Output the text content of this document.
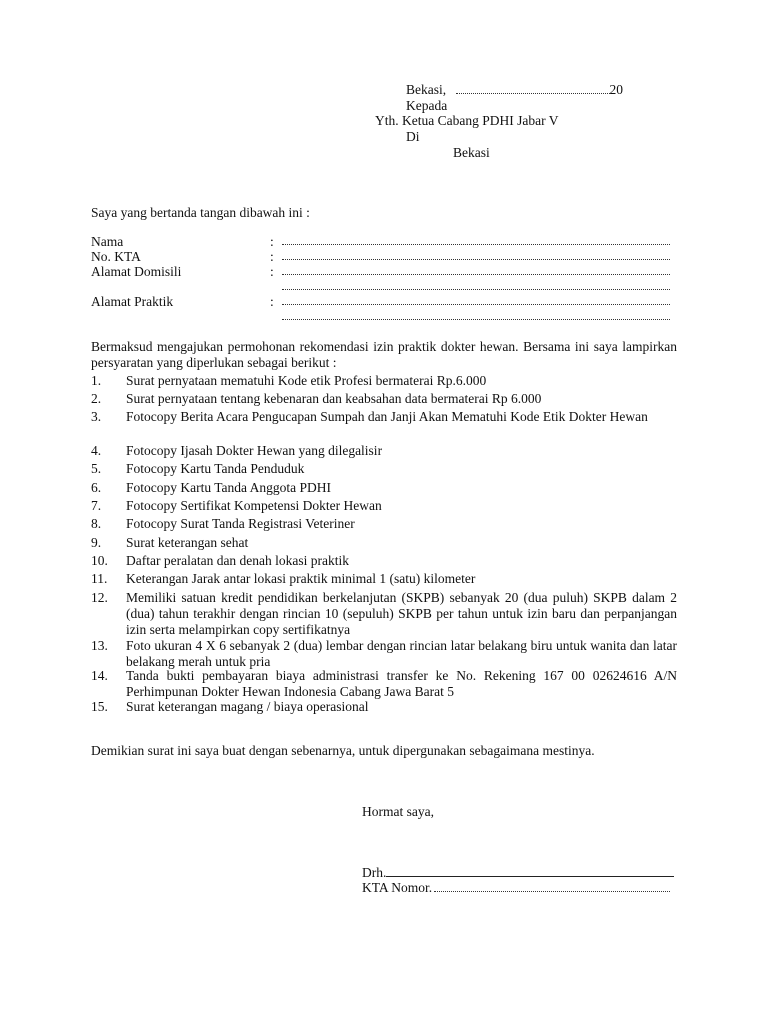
Bekasi,	20
Kepada
Yth. Ketua Cabang PDHI Jabar V
Di
Bekasi
Saya yang bertanda tangan dibawah ini :
Nama	:
No. KTA	:
Alamat Domisili	:
Alamat Praktik	:
Bermaksud mengajukan permohonan rekomendasi izin praktik dokter hewan. Bersama ini saya lampirkan persyaratan yang diperlukan sebagai berikut :
1. Surat pernyataan mematuhi Kode etik Profesi bermaterai Rp.6.000
2. Surat pernyataan tentang kebenaran dan keabsahan data bermaterai Rp 6.000
3. Fotocopy Berita Acara Pengucapan Sumpah dan Janji Akan Mematuhi Kode Etik Dokter Hewan
4. Fotocopy Ijasah Dokter Hewan yang dilegalisir
5. Fotocopy Kartu Tanda Penduduk
6. Fotocopy Kartu Tanda Anggota PDHI
7. Fotocopy Sertifikat Kompetensi Dokter Hewan
8. Fotocopy Surat Tanda Registrasi Veteriner
9. Surat keterangan sehat
10. Daftar peralatan dan denah lokasi praktik
11. Keterangan Jarak antar lokasi praktik minimal 1 (satu) kilometer
12. Memiliki satuan kredit pendidikan berkelanjutan (SKPB) sebanyak 20 (dua puluh) SKPB dalam 2 (dua) tahun terakhir dengan rincian 10 (sepuluh) SKPB per tahun untuk izin baru dan perpanjangan izin serta melampirkan copy sertifikatnya
13. Foto ukuran 4 X 6 sebanyak 2 (dua) lembar dengan rincian latar belakang biru untuk wanita dan latar belakang merah untuk pria
14. Tanda bukti pembayaran biaya administrasi transfer ke No. Rekening 167 00 02624616 A/N Perhimpunan Dokter Hewan Indonesia Cabang Jawa Barat 5
15. Surat keterangan magang / biaya operasional
Demikian surat ini saya buat dengan sebenarnya, untuk dipergunakan sebagaimana mestinya.
Hormat saya,
Drh.
KTA Nomor.
